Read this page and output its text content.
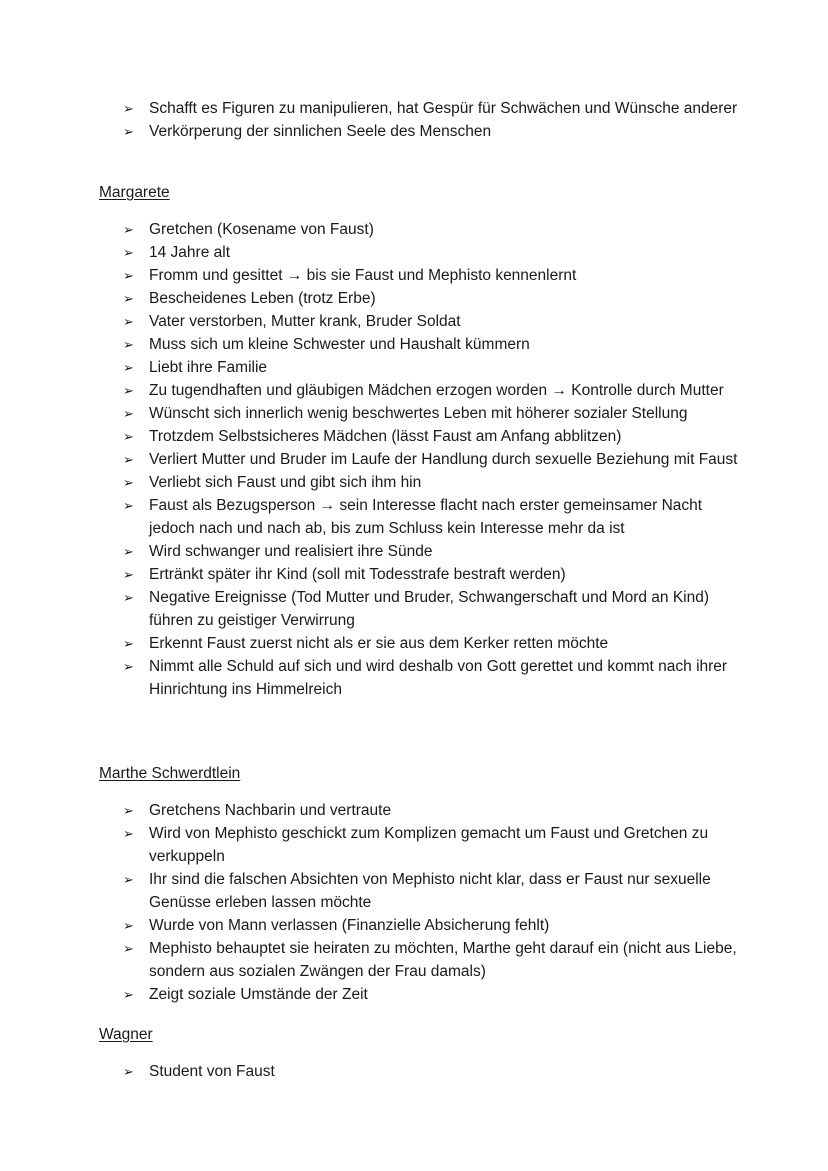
➢ Schafft es Figuren zu manipulieren, hat Gespür für Schwächen und Wünsche anderer
➢ Verkörperung der sinnlichen Seele des Menschen
Margarete
➢ Gretchen (Kosename von Faust)
➢ 14 Jahre alt
➢ Fromm und gesittet → bis sie Faust und Mephisto kennenlernt
➢ Bescheidenes Leben (trotz Erbe)
➢ Vater verstorben, Mutter krank, Bruder Soldat
➢ Muss sich um kleine Schwester und Haushalt kümmern
➢ Liebt ihre Familie
➢ Zu tugendhaften und gläubigen Mädchen erzogen worden → Kontrolle durch Mutter
➢ Wünscht sich innerlich wenig beschwertes Leben mit höherer sozialer Stellung
➢ Trotzdem Selbstsicheres Mädchen (lässt Faust am Anfang abblitzen)
➢ Verliert Mutter und Bruder im Laufe der Handlung durch sexuelle Beziehung mit Faust
➢ Verliebt sich Faust und gibt sich ihm hin
➢ Faust als Bezugsperson → sein Interesse flacht nach erster gemeinsamer Nacht jedoch nach und nach ab, bis zum Schluss kein Interesse mehr da ist
➢ Wird schwanger und realisiert ihre Sünde
➢ Ertränkt später ihr Kind (soll mit Todesstrafe bestraft werden)
➢ Negative Ereignisse (Tod Mutter und Bruder, Schwangerschaft und Mord an Kind) führen zu geistiger Verwirrung
➢ Erkennt Faust zuerst nicht als er sie aus dem Kerker retten möchte
➢ Nimmt alle Schuld auf sich und wird deshalb von Gott gerettet und kommt nach ihrer Hinrichtung ins Himmelreich
Marthe Schwerdtlein
➢ Gretchens Nachbarin und vertraute
➢ Wird von Mephisto geschickt zum Komplizen gemacht um Faust und Gretchen zu verkuppeln
➢ Ihr sind die falschen Absichten von Mephisto nicht klar, dass er Faust nur sexuelle Genüsse erleben lassen möchte
➢ Wurde von Mann verlassen (Finanzielle Absicherung fehlt)
➢ Mephisto behauptet sie heiraten zu möchten, Marthe geht darauf ein (nicht aus Liebe, sondern aus sozialen Zwängen der Frau damals)
➢ Zeigt soziale Umstände der Zeit
Wagner
➢ Student von Faust
